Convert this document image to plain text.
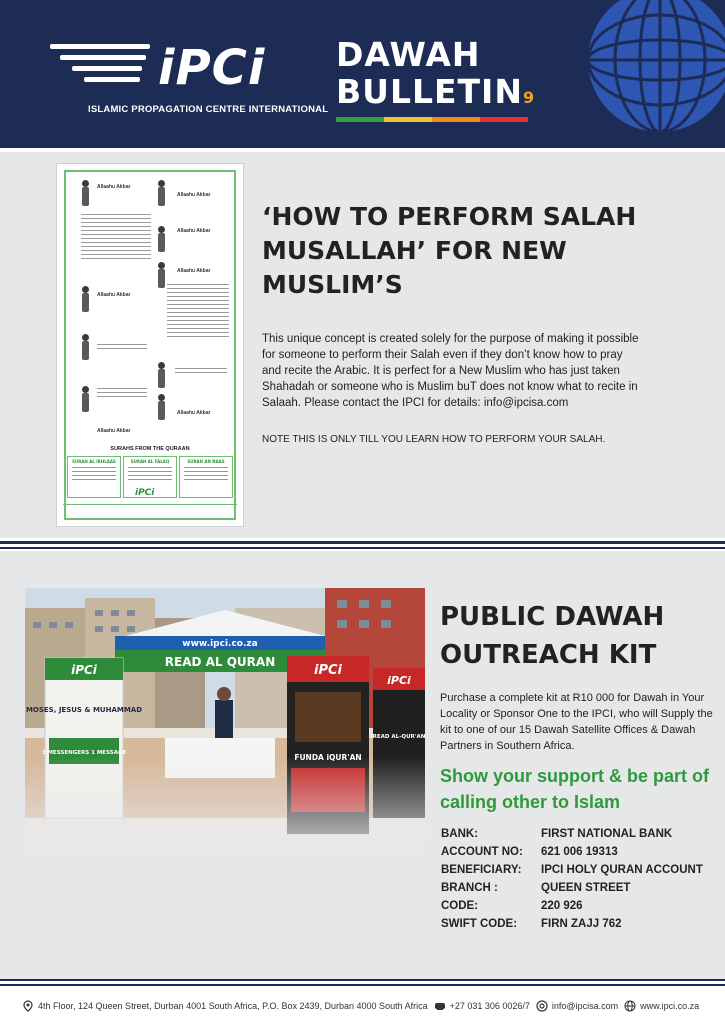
iPCi
ISLAMIC PROPAGATION CENTRE INTERNATIONAL
DAWAH
BULLETIN9
Allaahu Akbar
Allaahu Akbar
Allaahu Akbar
Allaahu Akbar
Allaahu Akbar
Allaahu Akbar
Allaahu Akbar
SURAHS FROM THE QURAAN
SURAH AL IKHLAAS	SURAH AL FALAQ	SURAH AN NAAS
iPCi
‘HOW TO PERFORM SALAH MUSALLAH’ FOR NEW MUSLIM’S
This unique concept is created solely for the purpose of making it possible for someone to perform their Salah even if they don’t know how to pray and recite the Arabic. It is perfect for a New Muslim who has just taken Shahadah or someone who is Muslim buT does not know what to recite in Salaah. Please contact the IPCI for details: info@ipcisa.com
NOTE THIS IS ONLY TILL YOU LEARN HOW TO PERFORM YOUR SALAH.
PUBLIC DAWAH OUTREACH KIT
Purchase a complete kit at R10 000 for Dawah in Your Locality or Sponsor One to the IPCI, who will Supply the kit to one of our 15 Dawah Satellite Offices & Dawah Partners in Southern Africa.
Show your support & be part of calling other to Islam
BANK:	FIRST NATIONAL BANK
ACCOUNT NO:	621 006 19313
BENEFICIARY:	IPCI HOLY QURAN ACCOUNT
BRANCH :	QUEEN STREET
CODE:	220 926
SWIFT CODE:	FIRN ZAJJ 762
4th Floor, 124 Queen Street, Durban 4001 South Africa, P.O. Box 2439, Durban 4000 South Africa +27 031 306 0026/7 info@ipcisa.com www.ipci.co.za
